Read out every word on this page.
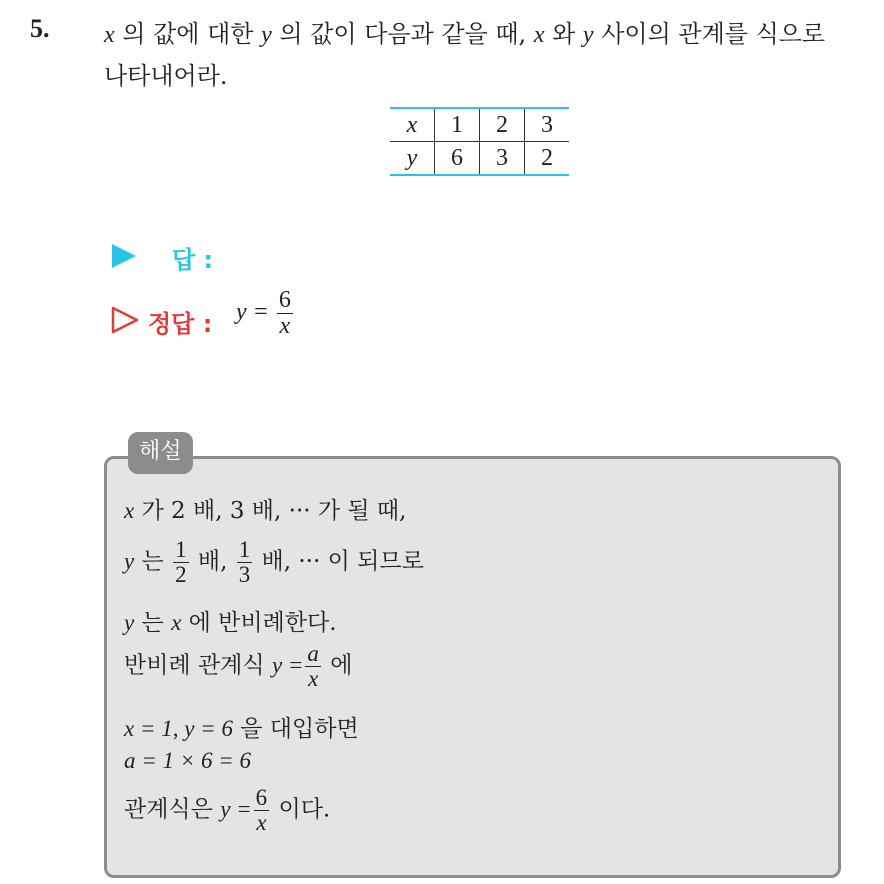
5. x 의 값에 대한 y 의 값이 다음과 같을 때, x 와 y 사이의 관계를 식으로
나타내어라.
x	1	2	3
y	6	3	2
답 :
정답 : $y = \frac{6}{x}$
해설
x 가 2 배, 3 배, ··· 가 될 때,
y 는 $\frac{1}{2}$ 배, $\frac{1}{3}$ 배, ··· 이 되므로
y 는 x 에 반비례한다.
반비례 관계식 $y = \frac{a}{x}$ 에
x = 1, y = 6 을 대입하면
a = 1 × 6 = 6
관계식은 $y = \frac{6}{x}$ 이다.
